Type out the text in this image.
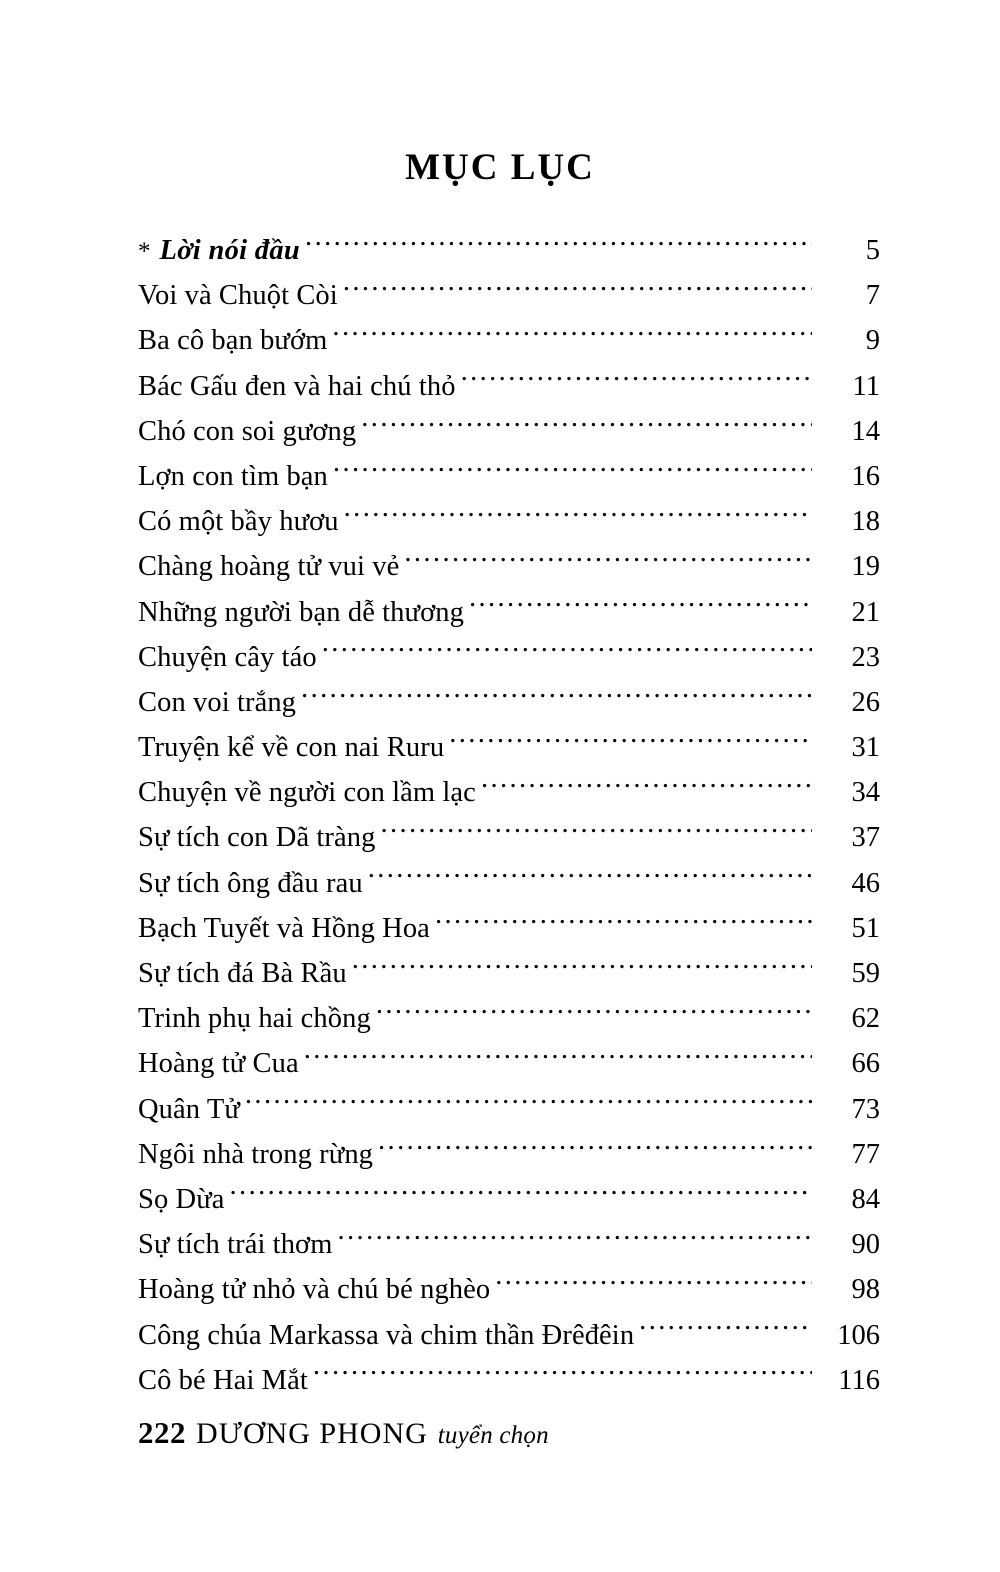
MỤC LỤC
* Lời nói đầu .....	5
Voi và Chuột Còi .....	7
Ba cô bạn bướm .....	9
Bác Gấu đen và hai chú thỏ .....	11
Chó con soi gương .....	14
Lợn con tìm bạn .....	16
Có một bầy hươu .....	18
Chàng hoàng tử vui vẻ .....	19
Những người bạn dễ thương .....	21
Chuyện cây táo .....	23
Con voi trắng .....	26
Truyện kể về con nai Ruru .....	31
Chuyện về người con lầm lạc .....	34
Sự tích con Dã tràng .....	37
Sự tích ông đầu rau .....	46
Bạch Tuyết và Hồng Hoa .....	51
Sự tích đá Bà Rầu .....	59
Trinh phụ hai chồng .....	62
Hoàng tử Cua .....	66
Quân Tử .....	73
Ngôi nhà trong rừng .....	77
Sọ Dừa .....	84
Sự tích trái thơm .....	90
Hoàng tử nhỏ và chú bé nghèo .....	98
Công chúa Markassa và chim thần Đrêđêin .....	106
Cô bé Hai Mắt .....	116
222 DƯƠNG PHONG tuyển chọn
